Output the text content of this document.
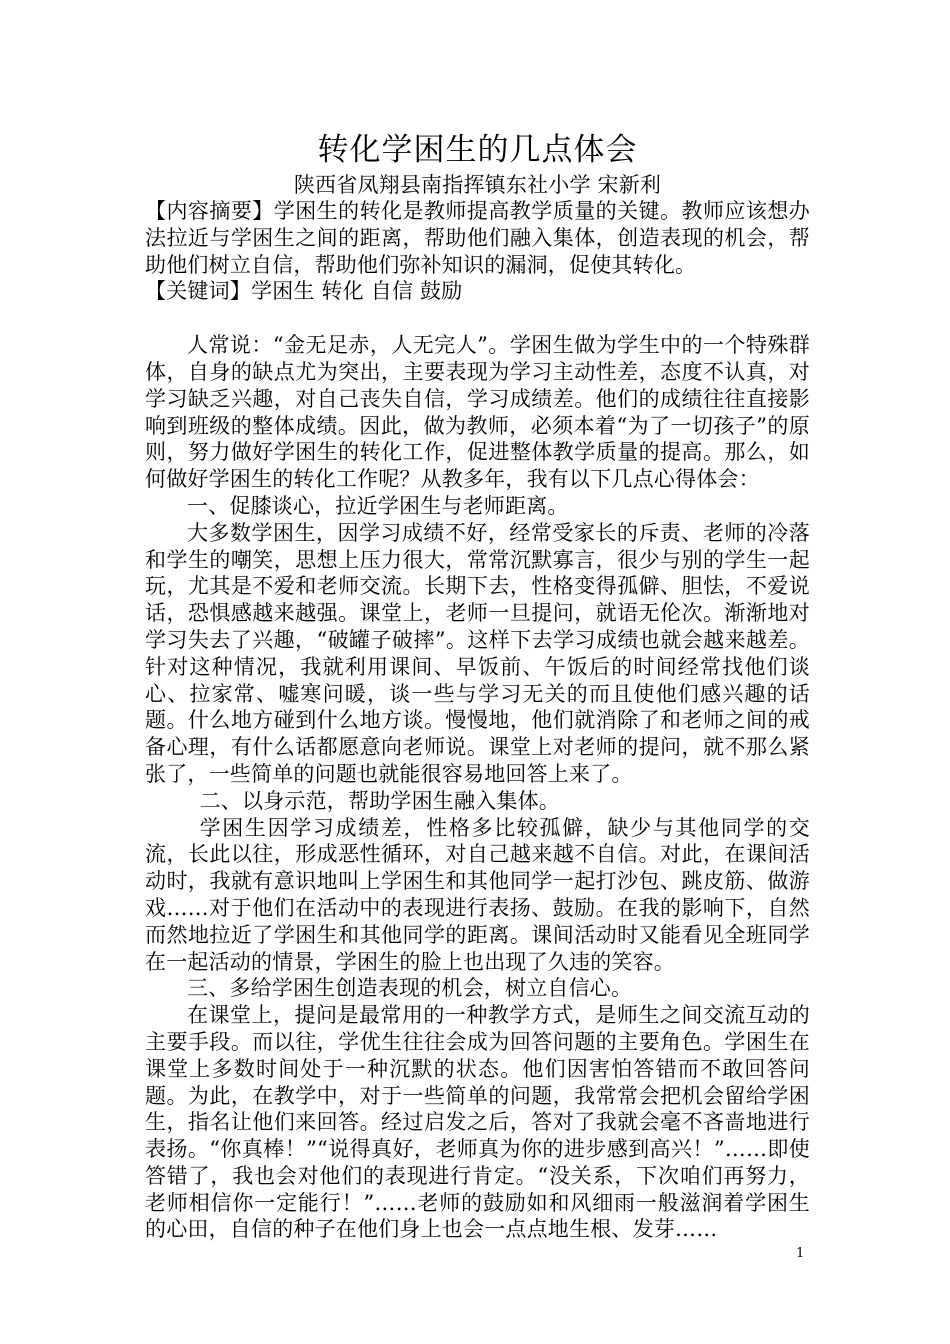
转化学困生的几点体会

陕西省凤翔县南指挥镇东社小学 宋新利

【内容摘要】学困生的转化是教师提高教学质量的关键。教师应该想办法拉近与学困生之间的距离，帮助他们融入集体，创造表现的机会，帮助他们树立自信，帮助他们弥补知识的漏洞，促使其转化。

【关键词】学困生 转化 自信 鼓励

人常说：“金无足赤，人无完人”。学困生做为学生中的一个特殊群体，自身的缺点尤为突出，主要表现为学习主动性差，态度不认真，对学习缺乏兴趣，对自己丧失自信，学习成绩差。他们的成绩往往直接影响到班级的整体成绩。因此，做为教师，必须本着“为了一切孩子”的原则，努力做好学困生的转化工作，促进整体教学质量的提高。那么，如何做好学困生的转化工作呢？从教多年，我有以下几点心得体会：

一、促膝谈心，拉近学困生与老师距离。

大多数学困生，因学习成绩不好，经常受家长的斥责、老师的冷落和学生的嘲笑，思想上压力很大，常常沉默寡言，很少与别的学生一起玩，尤其是不爱和老师交流。长期下去，性格变得孤僻、胆怯，不爱说话，恐惧感越来越强。课堂上，老师一旦提问，就语无伦次。渐渐地对学习失去了兴趣，“破罐子破摔”。这样下去学习成绩也就会越来越差。针对这种情况，我就利用课间、早饭前、午饭后的时间经常找他们谈心、拉家常、嘘寒问暖，谈一些与学习无关的而且使他们感兴趣的话题。什么地方碰到什么地方谈。慢慢地，他们就消除了和老师之间的戒备心理，有什么话都愿意向老师说。课堂上对老师的提问，就不那么紧张了，一些简单的问题也就能很容易地回答上来了。

二、以身示范，帮助学困生融入集体。

学困生因学习成绩差，性格多比较孤僻，缺少与其他同学的交流，长此以往，形成恶性循环，对自己越来越不自信。对此，在课间活动时，我就有意识地叫上学困生和其他同学一起打沙包、跳皮筋、做游戏……对于他们在活动中的表现进行表扬、鼓励。在我的影响下，自然而然地拉近了学困生和其他同学的距离。课间活动时又能看见全班同学在一起活动的情景，学困生的脸上也出现了久违的笑容。

三、多给学困生创造表现的机会，树立自信心。

在课堂上，提问是最常用的一种教学方式，是师生之间交流互动的主要手段。而以往，学优生往往会成为回答问题的主要角色。学困生在课堂上多数时间处于一种沉默的状态。他们因害怕答错而不敢回答问题。为此，在教学中，对于一些简单的问题，我常常会把机会留给学困生，指名让他们来回答。经过启发之后，答对了我就会毫不吝啬地进行表扬。“你真棒！”“说得真好，老师真为你的进步感到高兴！”……即使答错了，我也会对他们的表现进行肯定。“没关系，下次咱们再努力，老师相信你一定能行！”……老师的鼓励如和风细雨一般滋润着学困生的心田，自信的种子在他们身上也会一点点地生根、发芽……

1
